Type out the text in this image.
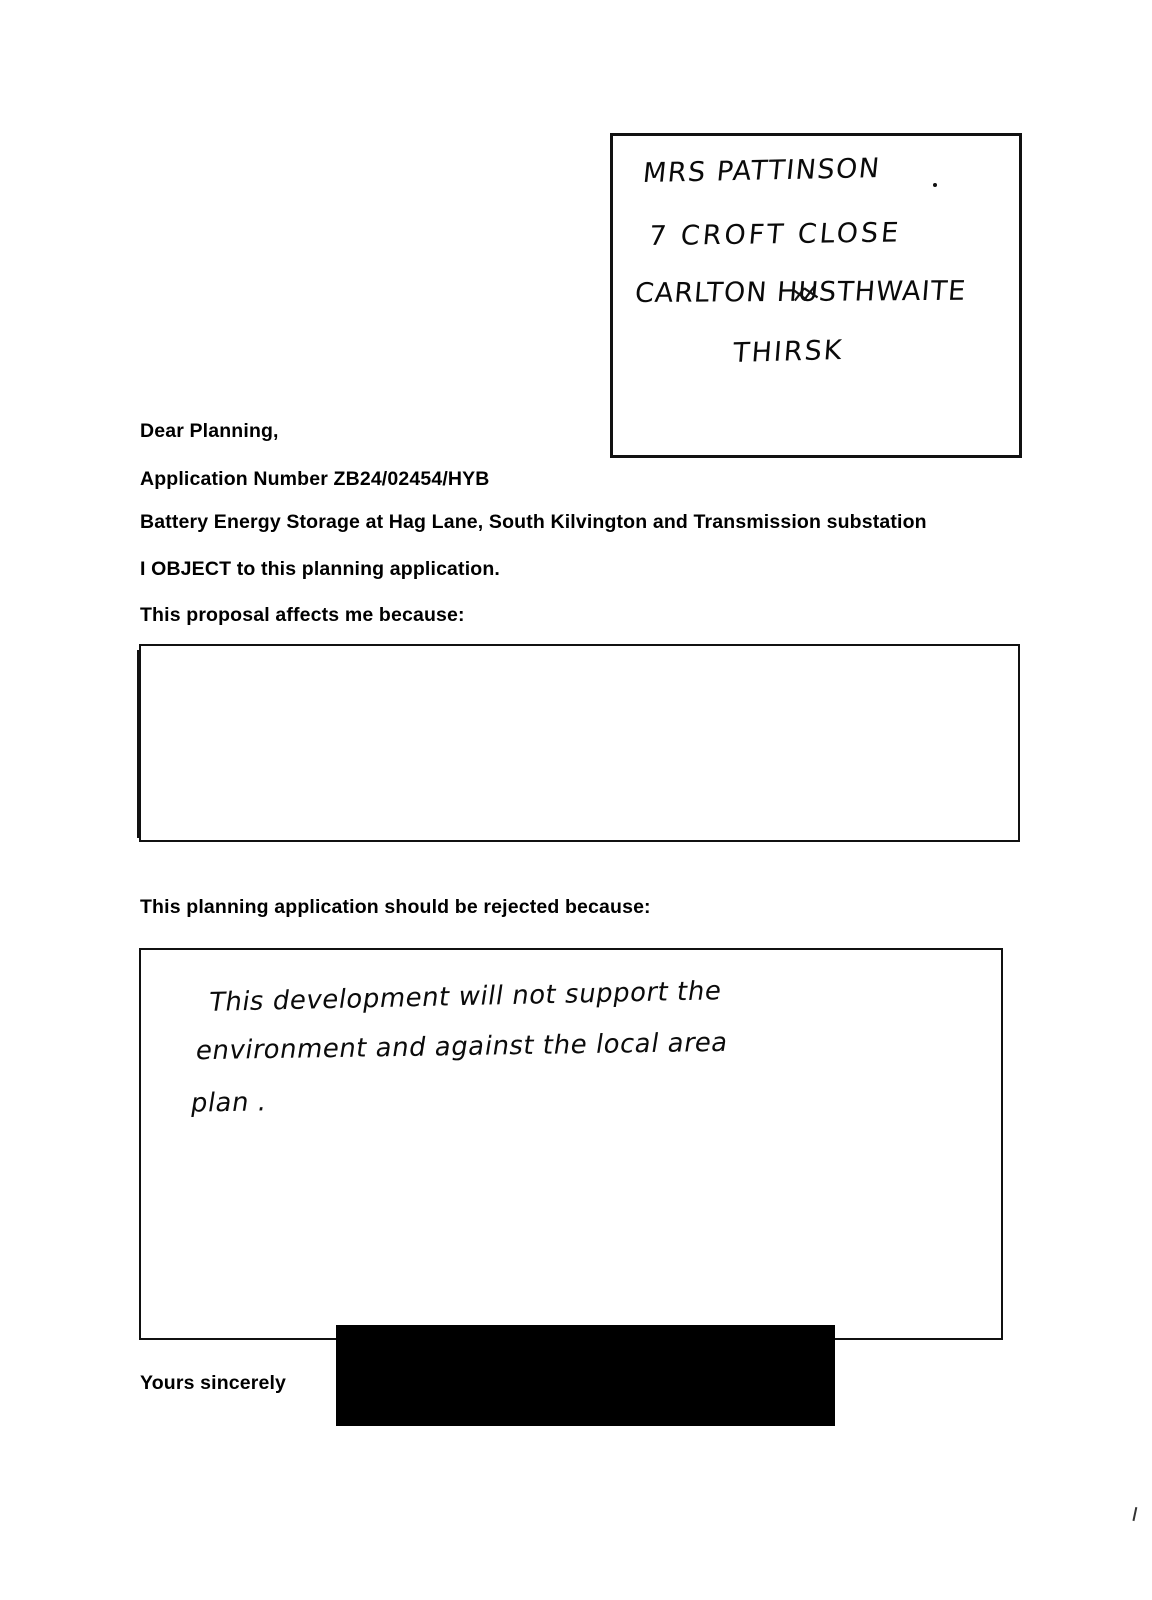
MRS PATTINSON
7 CROFT CLOSE
CARLTON HUSTHWAITE
THIRSK
Dear Planning,
Application Number ZB24/02454/HYB
Battery Energy Storage at Hag Lane, South Kilvington and Transmission substation
I OBJECT to this planning application.
This proposal affects me because:
This planning application should be rejected because:
This development will not support the
environment and against the local area
plan .
Yours sincerely
